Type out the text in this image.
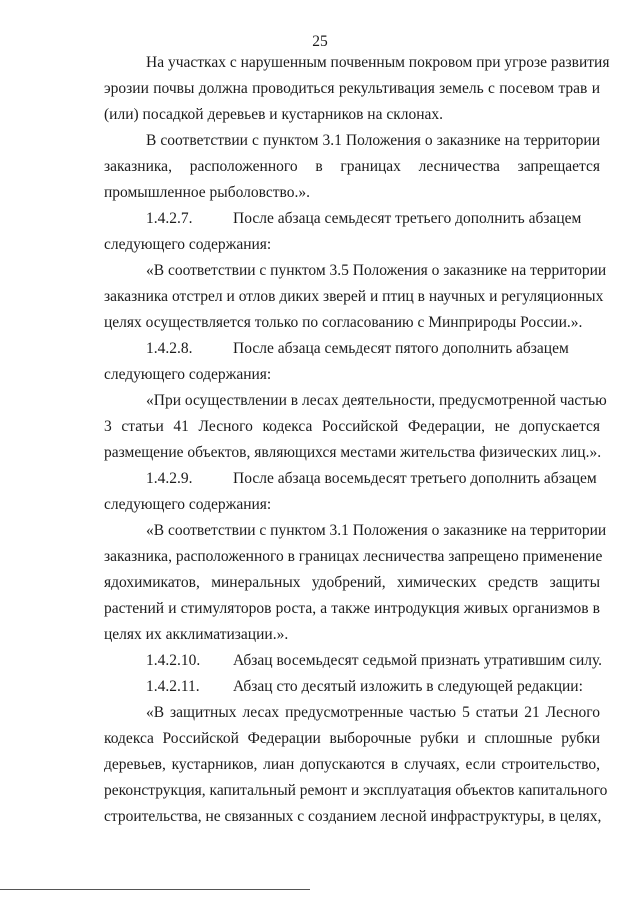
25
На участках с нарушенным почвенным покровом при угрозе развития
эрозии почвы должна проводиться рекультивация земель с посевом трав и
(или) посадкой деревьев и кустарников на склонах.
В соответствии с пунктом 3.1 Положения о заказнике на территории
заказника, расположенного в границах лесничества запрещается
промышленное рыболовство.».
1.4.2.7.	После абзаца семьдесят третьего дополнить абзацем
следующего содержания:
«В соответствии с пунктом 3.5 Положения о заказнике на территории
заказника отстрел и отлов диких зверей и птиц в научных и регуляционных
целях осуществляется только по согласованию с Минприроды России.».
1.4.2.8.	После абзаца семьдесят пятого дополнить абзацем
следующего содержания:
«При осуществлении в лесах деятельности, предусмотренной частью
3 статьи 41 Лесного кодекса Российской Федерации, не допускается
размещение объектов, являющихся местами жительства физических лиц.».
1.4.2.9.	После абзаца восемьдесят третьего дополнить абзацем
следующего содержания:
«В соответствии с пунктом 3.1 Положения о заказнике на территории
заказника, расположенного в границах лесничества запрещено применение
ядохимикатов, минеральных удобрений, химических средств защиты
растений и стимуляторов роста, а также интродукция живых организмов в
целях их акклиматизации.».
1.4.2.10. Абзац восемьдесят седьмой признать утратившим силу.
1.4.2.11. Абзац сто десятый изложить в следующей редакции:
«В защитных лесах предусмотренные частью 5 статьи 21 Лесного
кодекса Российской Федерации выборочные рубки и сплошные рубки
деревьев, кустарников, лиан допускаются в случаях, если строительство,
реконструкция, капитальный ремонт и эксплуатация объектов капитального
строительства, не связанных с созданием лесной инфраструктуры, в целях,
